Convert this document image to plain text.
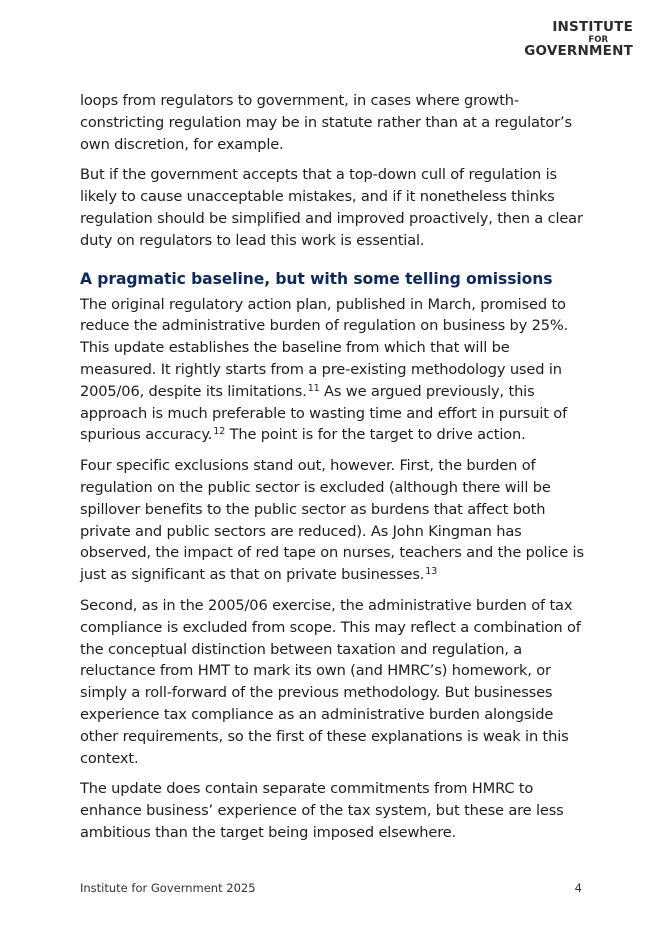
INSTITUTE
FOR
GOVERNMENT

loops from regulators to government, in cases where growth-constricting regulation may be in statute rather than at a regulator’s own discretion, for example.

But if the government accepts that a top-down cull of regulation is likely to cause unacceptable mistakes, and if it nonetheless thinks regulation should be simplified and improved proactively, then a clear duty on regulators to lead this work is essential.

A pragmatic baseline, but with some telling omissions

The original regulatory action plan, published in March, promised to reduce the administrative burden of regulation on business by 25%. This update establishes the baseline from which that will be measured. It rightly starts from a pre-existing methodology used in 2005/06, despite its limitations.$^{11}$ As we argued previously, this approach is much preferable to wasting time and effort in pursuit of spurious accuracy.$^{12}$ The point is for the target to drive action.

Four specific exclusions stand out, however. First, the burden of regulation on the public sector is excluded (although there will be spillover benefits to the public sector as burdens that affect both private and public sectors are reduced). As John Kingman has observed, the impact of red tape on nurses, teachers and the police is just as significant as that on private businesses.$^{13}$

Second, as in the 2005/06 exercise, the administrative burden of tax compliance is excluded from scope. This may reflect a combination of the conceptual distinction between taxation and regulation, a reluctance from HMT to mark its own (and HMRC’s) homework, or simply a roll-forward of the previous methodology. But businesses experience tax compliance as an administrative burden alongside other requirements, so the first of these explanations is weak in this context.

The update does contain separate commitments from HMRC to enhance business’ experience of the tax system, but these are less ambitious than the target being imposed elsewhere.

Institute for Government 2025	4
